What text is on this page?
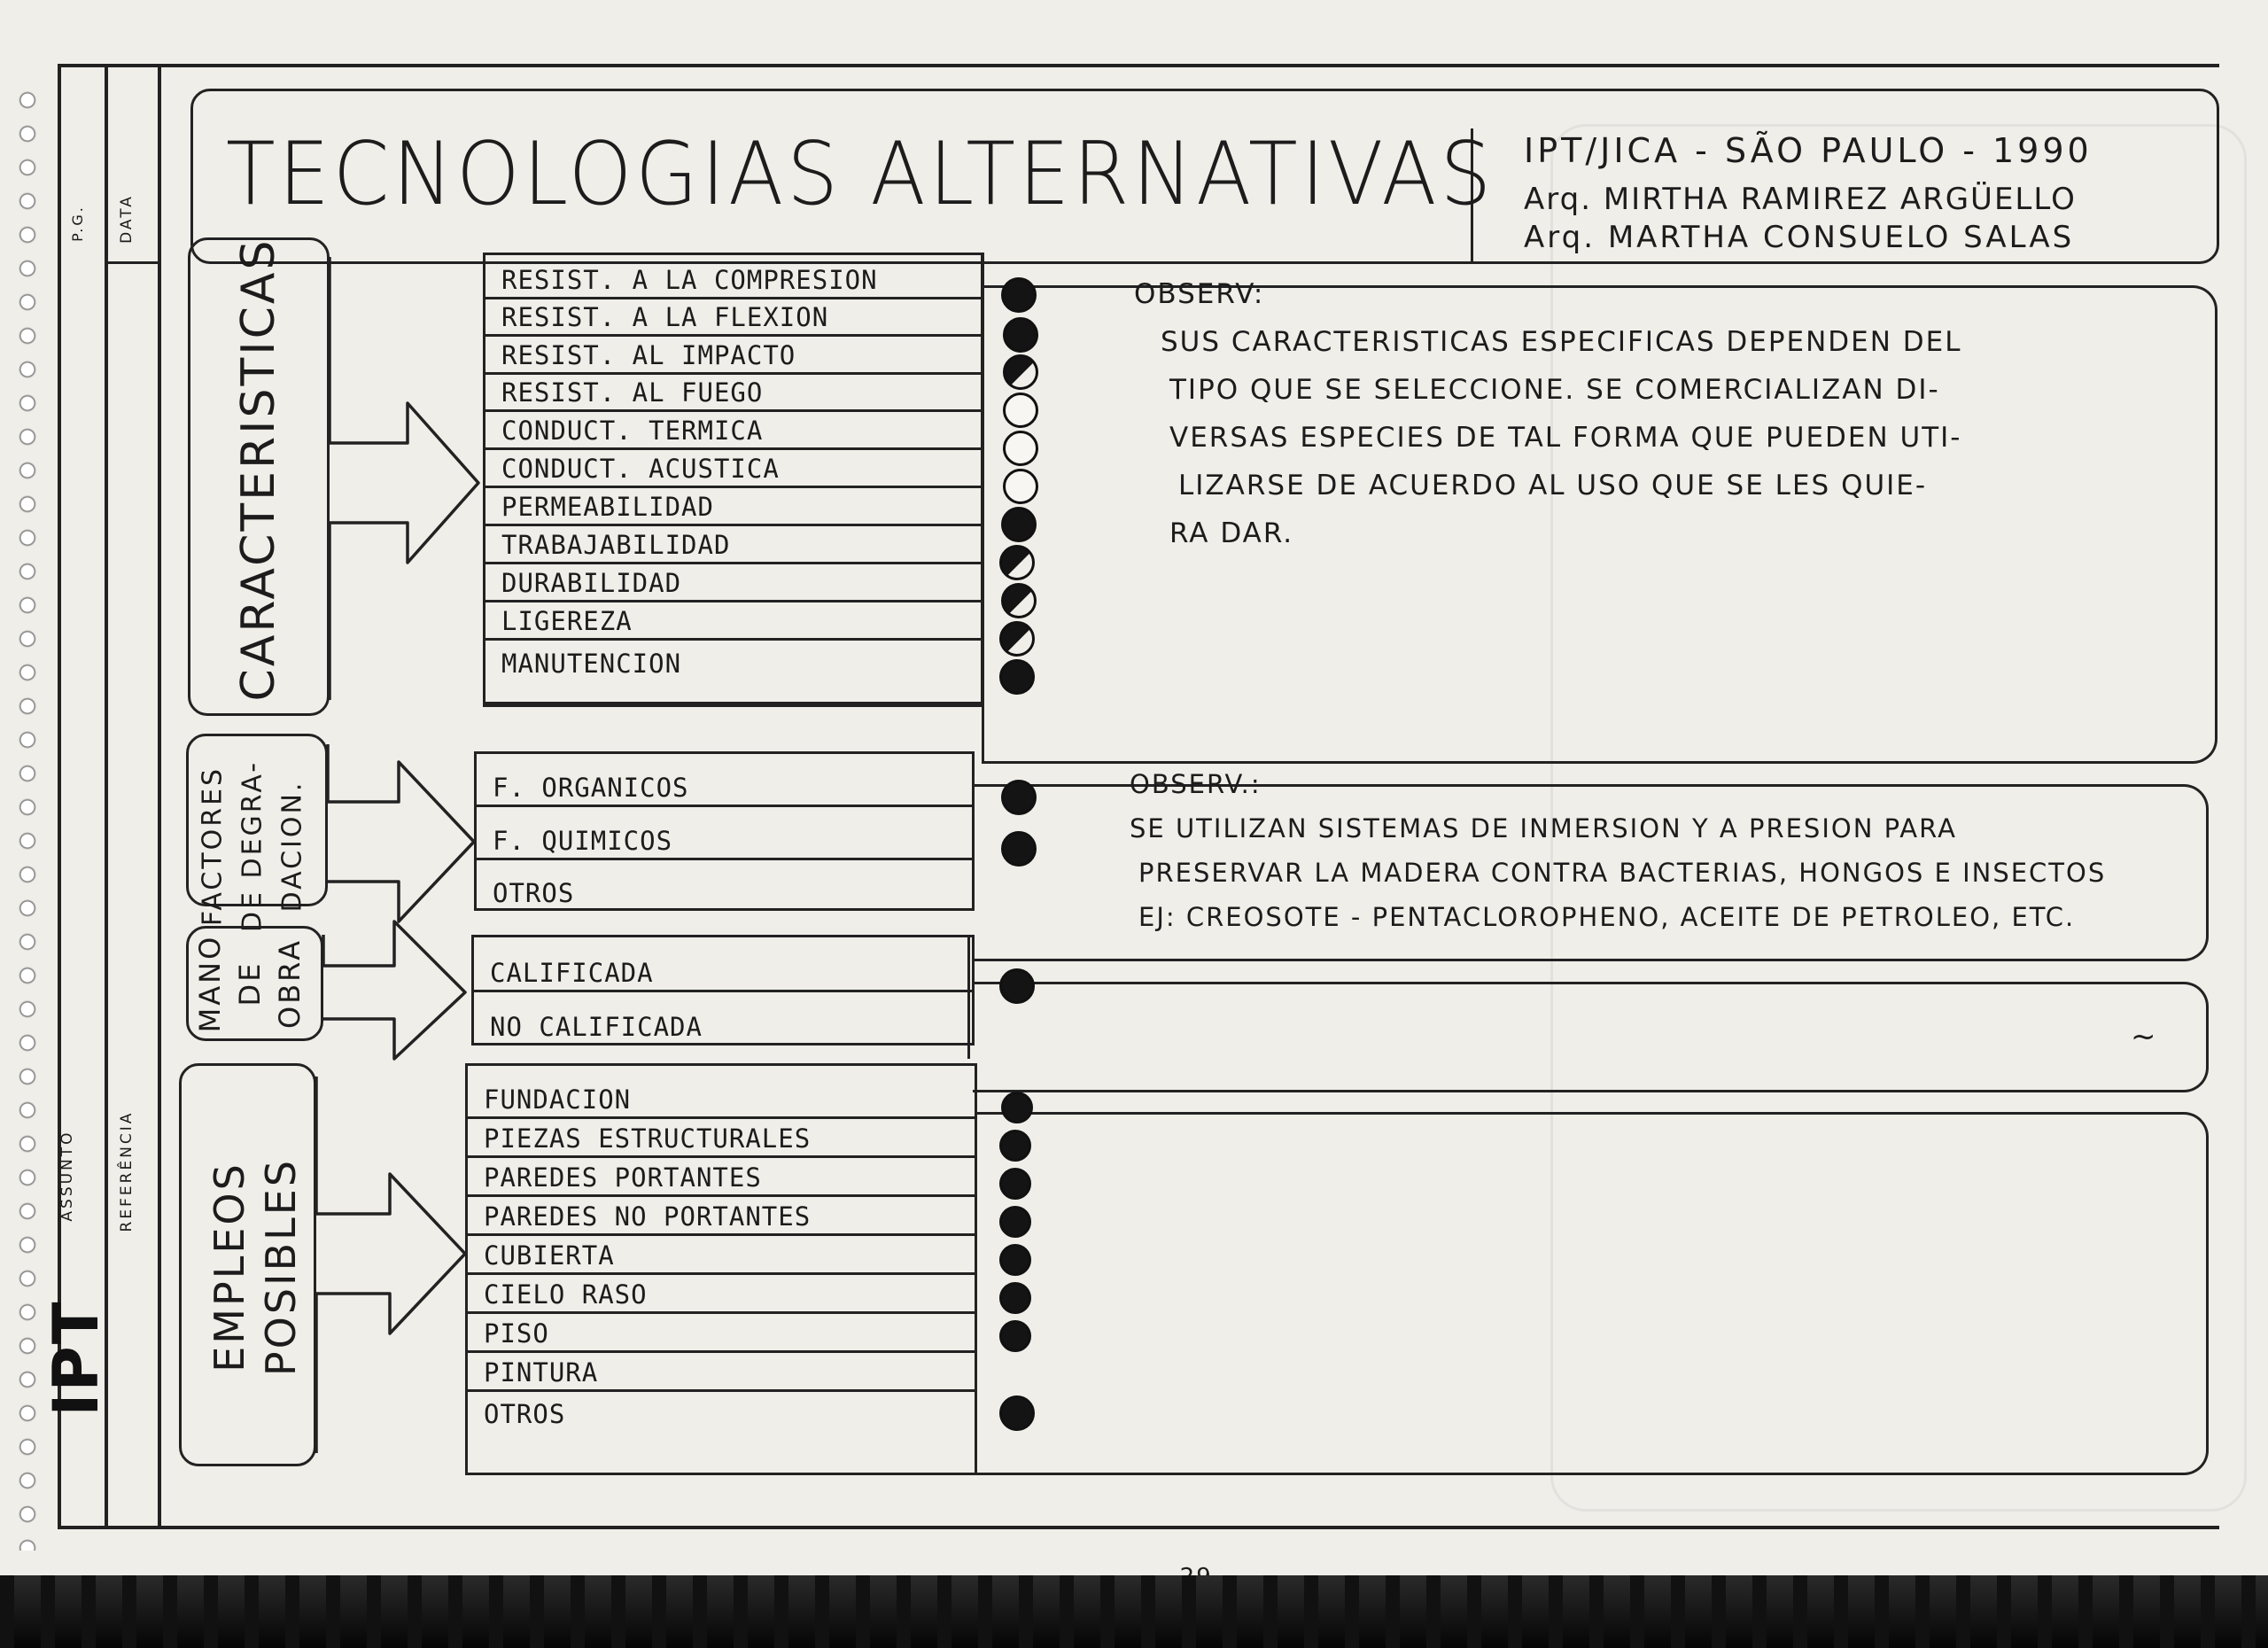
P.G. DATA
ASSUNTO	REFERÊNCIA
IPT
TECNOLOGIAS ALTERNATIVAS IPT/JICA - SÃO PAULO - 1990
Arq. MIRTHA RAMIREZ ARGÜELLO
Arq. MARTHA CONSUELO SALAS
CARACTERISTICAS
FACTORES DE DEGRA- DACION.
MANO DE OBRA
EMPLEOS POSIBLES
RESIST. A LA COMPRESION
RESIST. A LA FLEXION
RESIST. AL IMPACTO
RESIST. AL FUEGO
CONDUCT. TERMICA
CONDUCT. ACUSTICA
PERMEABILIDAD
TRABAJABILIDAD
DURABILIDAD
LIGEREZA
MANUTENCION
F. ORGANICOS
F. QUIMICOS
OTROS
CALIFICADA
NO CALIFICADA
FUNDACION
PIEZAS ESTRUCTURALES
PAREDES PORTANTES
PAREDES NO PORTANTES
CUBIERTA
CIELO RASO
PISO
PINTURA
OTROS
OBSERV:
SUS CARACTERISTICAS ESPECIFICAS DEPENDEN DEL
TIPO QUE SE SELECCIONE. SE COMERCIALIZAN DI-
VERSAS ESPECIES DE TAL FORMA QUE PUEDEN UTI-
LIZARSE DE ACUERDO AL USO QUE SE LES QUIE-
RA DAR.
OBSERV.:
SE UTILIZAN SISTEMAS DE INMERSION Y A PRESION PARA
PRESERVAR LA MADERA CONTRA BACTERIAS, HONGOS E INSECTOS
EJ: CREOSOTE - PENTACLOROPHENO, ACEITE DE PETROLEO, ETC.
~
